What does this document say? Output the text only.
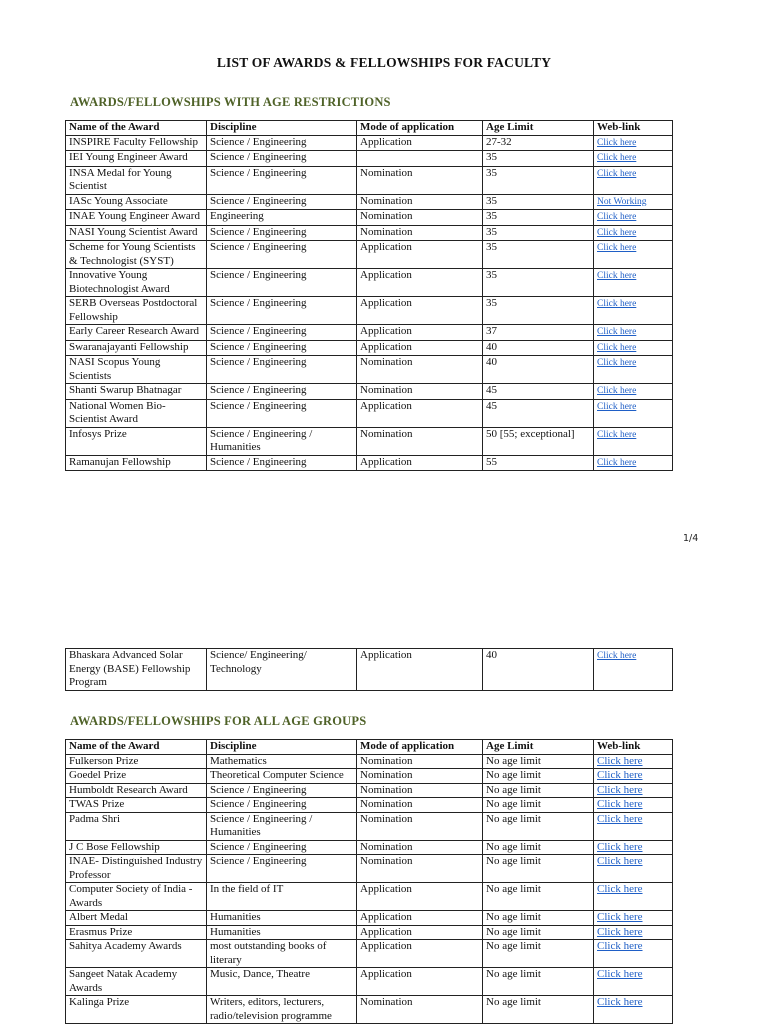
LIST OF AWARDS & FELLOWSHIPS FOR FACULTY
AWARDS/FELLOWSHIPS WITH AGE RESTRICTIONS
Name of the Award	Discipline	Mode of application	Age Limit	Web-link
INSPIRE Faculty Fellowship	Science / Engineering	Application	27-32	Click here
IEI Young Engineer Award	Science / Engineering		35	Click here
INSA Medal for Young Scientist	Science / Engineering	Nomination	35	Click here
IASc Young Associate	Science / Engineering	Nomination	35	Not Working
INAE Young Engineer Award	Engineering	Nomination	35	Click here
NASI Young Scientist Award	Science / Engineering	Nomination	35	Click here
Scheme for Young Scientists & Technologist (SYST)	Science / Engineering	Application	35	Click here
Innovative Young Biotechnologist Award	Science / Engineering	Application	35	Click here
SERB Overseas Postdoctoral Fellowship	Science / Engineering	Application	35	Click here
Early Career Research Award	Science / Engineering	Application	37	Click here
Swaranajayanti Fellowship	Science / Engineering	Application	40	Click here
NASI Scopus Young Scientists	Science / Engineering	Nomination	40	Click here
Shanti Swarup Bhatnagar	Science / Engineering	Nomination	45	Click here
National Women Bio-Scientist Award	Science / Engineering	Application	45	Click here
Infosys Prize	Science / Engineering / Humanities	Nomination	50 [55; exceptional]	Click here
Ramanujan Fellowship	Science / Engineering	Application	55	Click here
1/4
Bhaskara Advanced Solar Energy (BASE) Fellowship Program	Science/ Engineering/ Technology	Application	40	Click here
AWARDS/FELLOWSHIPS FOR ALL AGE GROUPS
Name of the Award	Discipline	Mode of application	Age Limit	Web-link
Fulkerson Prize	Mathematics	Nomination	No age limit	Click here
Goedel Prize	Theoretical Computer Science	Nomination	No age limit	Click here
Humboldt Research Award	Science / Engineering	Nomination	No age limit	Click here
TWAS Prize	Science / Engineering	Nomination	No age limit	Click here
Padma Shri	Science / Engineering / Humanities	Nomination	No age limit	Click here
J C Bose Fellowship	Science / Engineering	Nomination	No age limit	Click here
INAE- Distinguished Industry Professor	Science / Engineering	Nomination	No age limit	Click here
Computer Society of India - Awards	In the field of IT	Application	No age limit	Click here
Albert Medal	Humanities	Application	No age limit	Click here
Erasmus Prize	Humanities	Application	No age limit	Click here
Sahitya Academy Awards	most outstanding books of literary	Application	No age limit	Click here
Sangeet Natak Academy Awards	Music, Dance, Theatre	Application	No age limit	Click here
Kalinga Prize	Writers, editors, lecturers, radio/television programme	Nomination	No age limit	Click here
